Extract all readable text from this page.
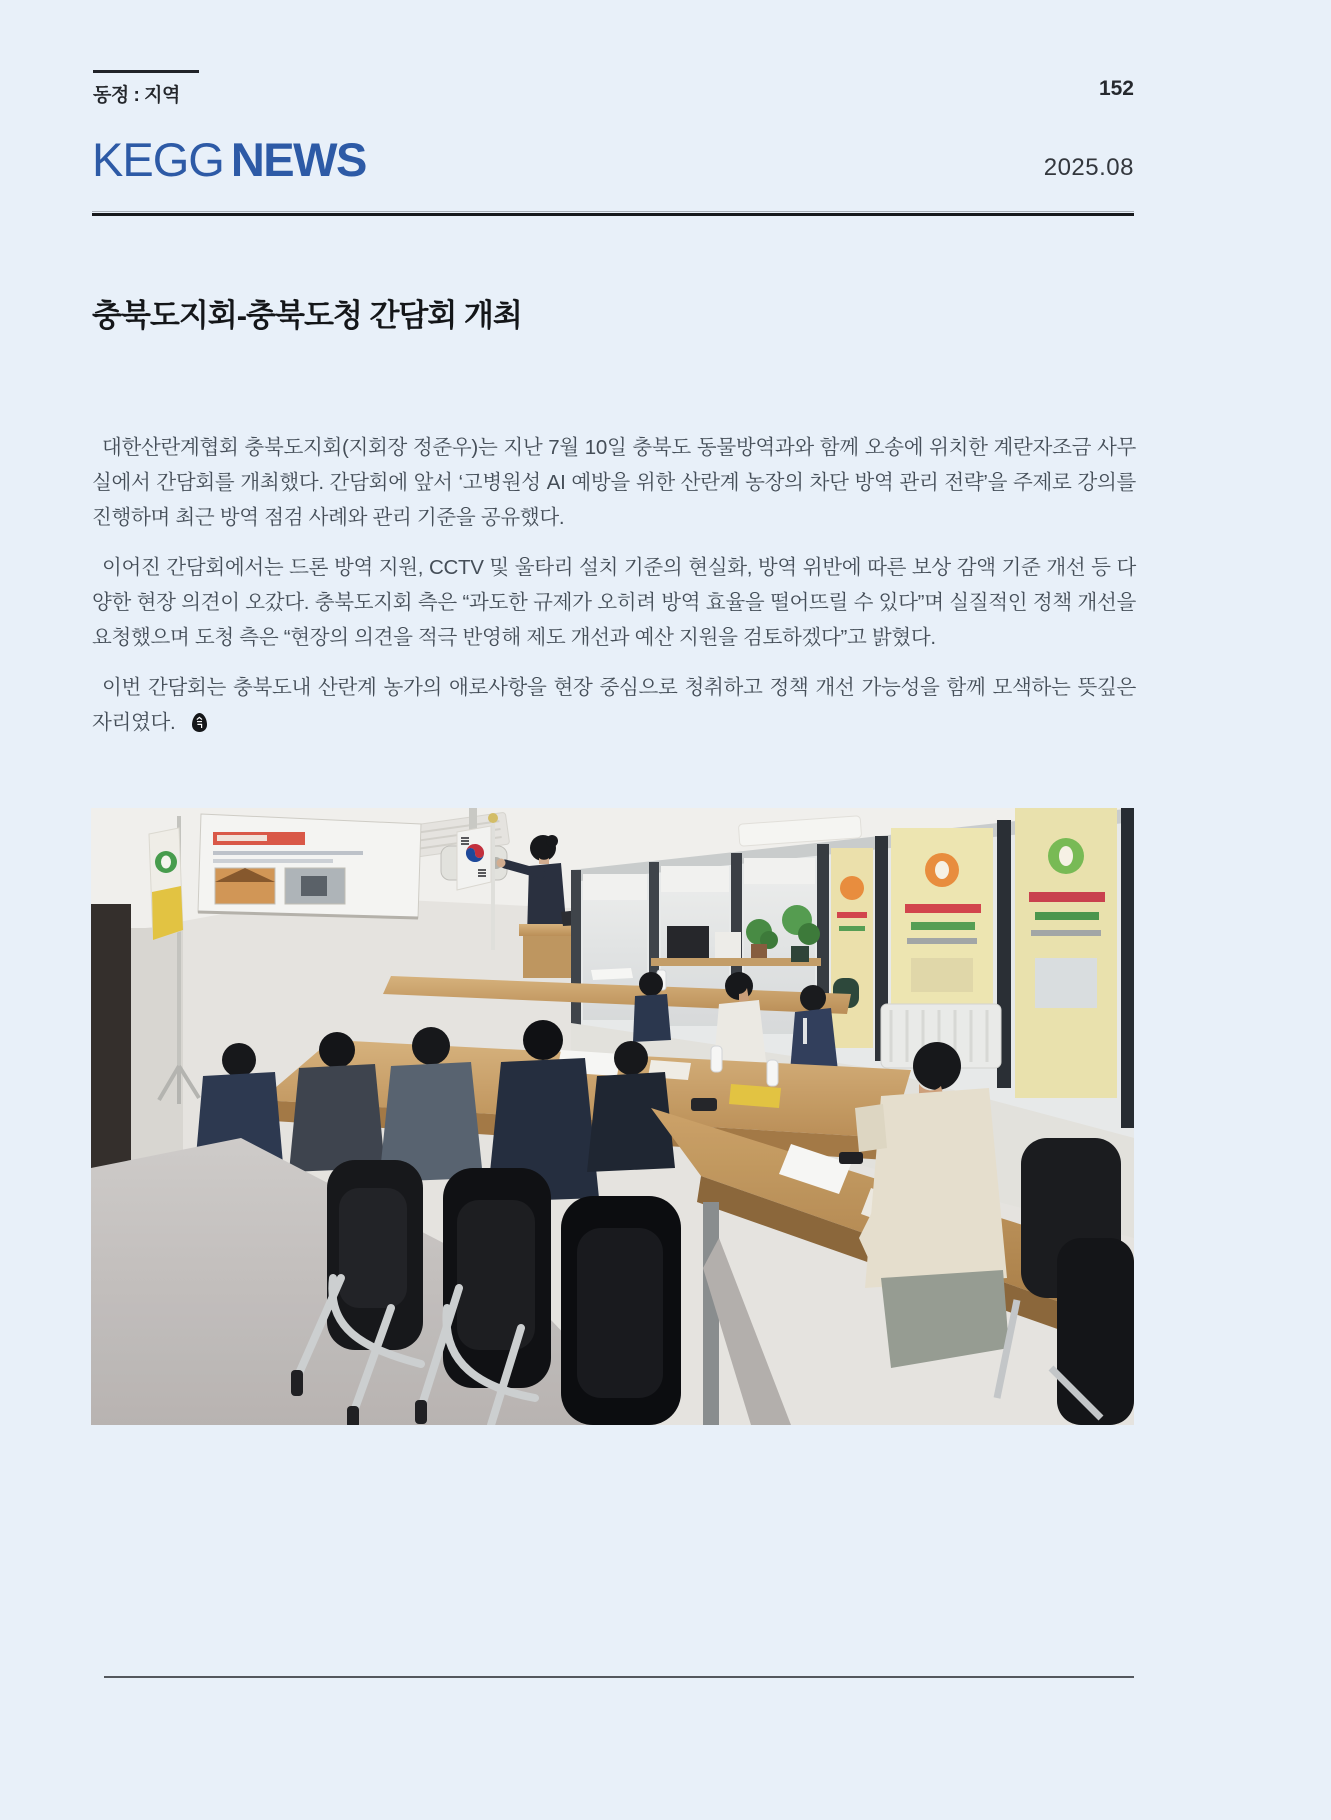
동정 : 지역	152
KEGG NEWS	2025.08
충북도지회-충북도청 간담회 개최

대한산란계협회 충북도지회(지회장 정준우)는 지난 7월 10일 충북도 동물방역과와 함께 오송에 위치한 계란자조금 사무실에서 간담회를 개최했다. 간담회에 앞서 ‘고병원성 AI 예방을 위한 산란계 농장의 차단 방역 관리 전략’을 주제로 강의를 진행하며 최근 방역 점검 사례와 관리 기준을 공유했다.

이어진 간담회에서는 드론 방역 지원, CCTV 및 울타리 설치 기준의 현실화, 방역 위반에 따른 보상 감액 기준 개선 등 다양한 현장 의견이 오갔다. 충북도지회 측은 “과도한 규제가 오히려 방역 효율을 떨어뜨릴 수 있다”며 실질적인 정책 개선을 요청했으며 도청 측은 “현장의 의견을 적극 반영해 제도 개선과 예산 지원을 검토하겠다”고 밝혔다.

이번 간담회는 충북도내 산란계 농가의 애로사항을 현장 중심으로 청취하고 정책 개선 가능성을 함께 모색하는 뜻깊은 자리였다.
